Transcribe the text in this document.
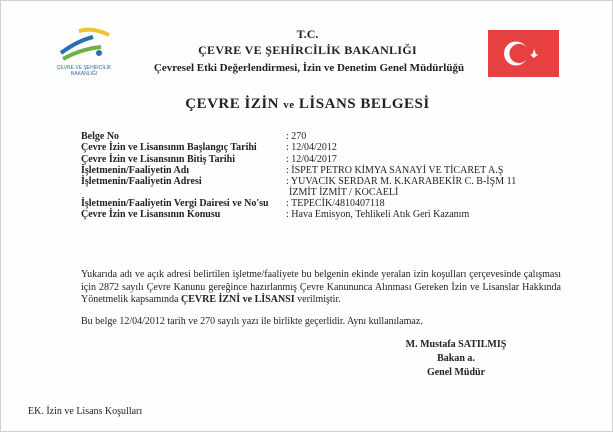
ÇEVRE VE ŞEHİRCİLİK BAKANLIĞI
T.C.
ÇEVRE VE ŞEHİRCİLİK BAKANLIĞI
Çevresel Etki Değerlendirmesi, İzin ve Denetim Genel Müdürlüğü
ÇEVRE İZİN ve LİSANS BELGESİ
Belge No	: 270
Çevre İzin ve Lisansının Başlangıç Tarihi	: 12/04/2012
Çevre İzin ve Lisansının Bitiş Tarihi	: 12/04/2017
İşletmenin/Faaliyetin Adı	: İSPET PETRO KİMYA SANAYİ VE TİCARET A.Ş
İşletmenin/Faaliyetin Adresi	: YUVACIK SERDAR M. K.KARABEKİR C. B-İŞM 11
İZMİT İZMİT / KOCAELİ
İşletmenin/Faaliyetin Vergi Dairesi ve No'su : TEPECİK/4810407118
Çevre İzin ve Lisansının Konusu	: Hava Emisyon, Tehlikeli Atık Geri Kazanım
Yukarıda adı ve açık adresi belirtilen işletme/faaliyete bu belgenin ekinde yeralan izin koşulları çerçevesinde çalışması için 2872 sayılı Çevre Kanunu gereğince hazırlanmış Çevre Kanununca Alınması Gereken İzin ve Lisanslar Hakkında Yönetmelik kapsamında ÇEVRE İZNİ ve LİSANSI verilmiştir.
Bu belge 12/04/2012 tarih ve 270 sayılı yazı ile birlikte geçerlidir. Aynı kullanılamaz.
M. Mustafa SATILMIŞ
Bakan a.
Genel Müdür
EK. İzin ve Lisans Koşulları
